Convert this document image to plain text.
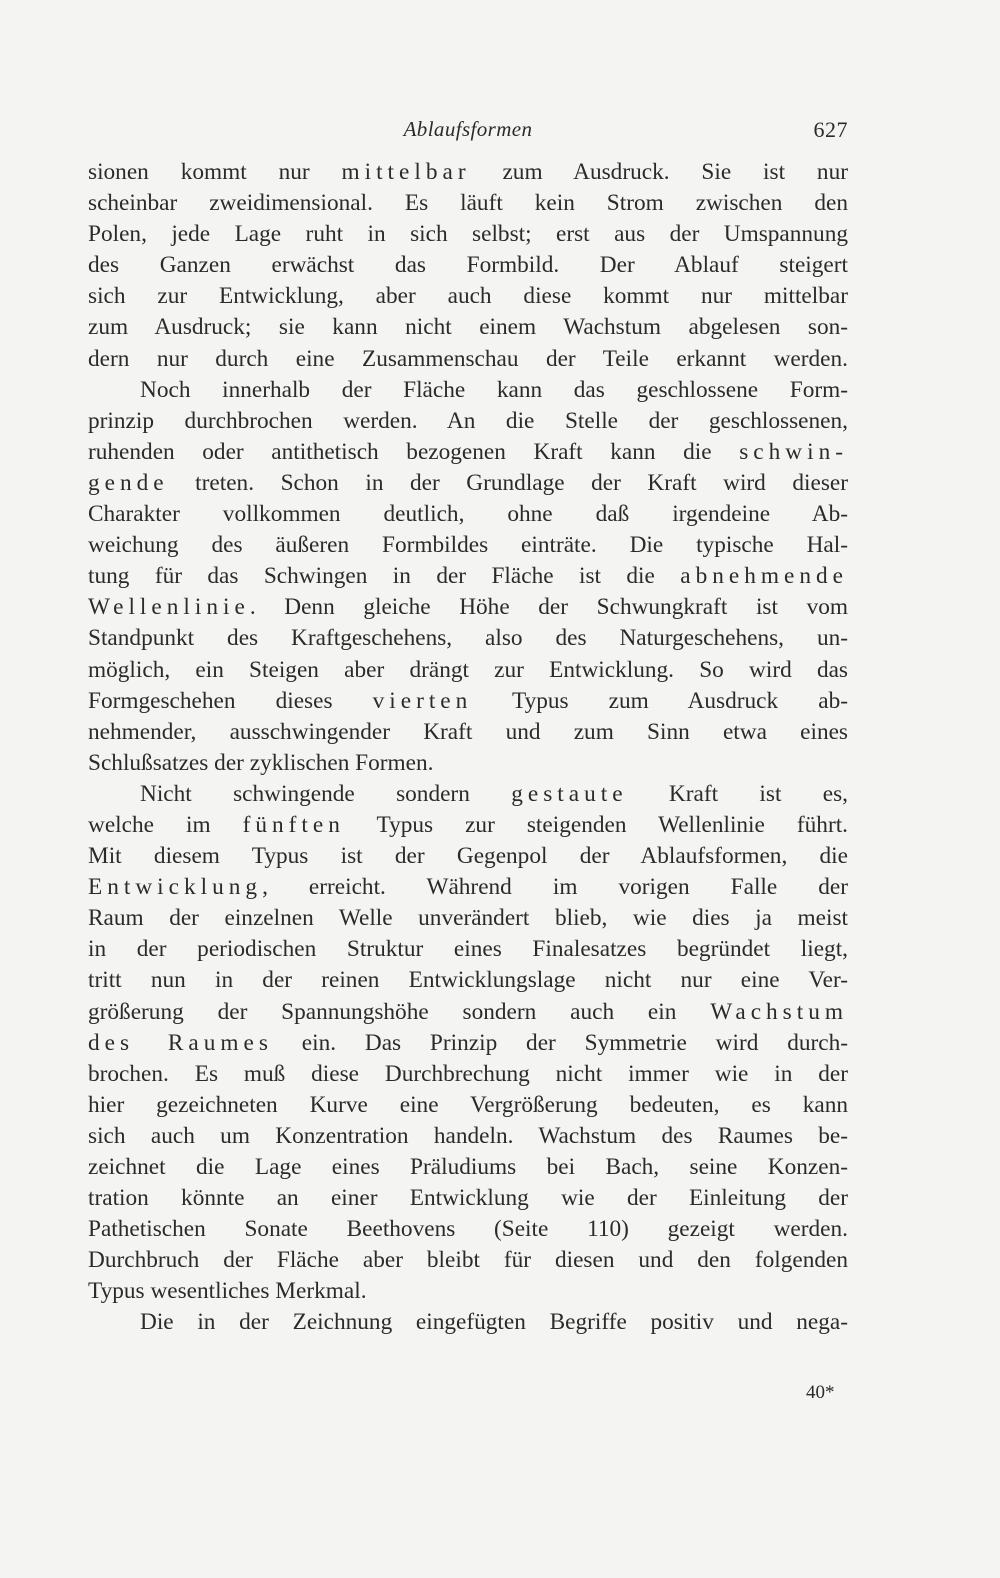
Ablaufsformen	627
sionen kommt nur mittelbar zum Ausdruck. Sie ist nur
scheinbar zweidimensional. Es läuft kein Strom zwischen den
Polen, jede Lage ruht in sich selbst; erst aus der Umspannung
des Ganzen erwächst das Formbild. Der Ablauf steigert
sich zur Entwicklung, aber auch diese kommt nur mittelbar
zum Ausdruck; sie kann nicht einem Wachstum abgelesen son-
dern nur durch eine Zusammenschau der Teile erkannt werden.
Noch innerhalb der Fläche kann das geschlossene Form-
prinzip durchbrochen werden. An die Stelle der geschlossenen,
ruhenden oder antithetisch bezogenen Kraft kann die schwin-
gende treten. Schon in der Grundlage der Kraft wird dieser
Charakter vollkommen deutlich, ohne daß irgendeine Ab-
weichung des äußeren Formbildes einträte. Die typische Hal-
tung für das Schwingen in der Fläche ist die abnehmende
Wellenlinie. Denn gleiche Höhe der Schwungkraft ist vom
Standpunkt des Kraftgeschehens, also des Naturgeschehens, un-
möglich, ein Steigen aber drängt zur Entwicklung. So wird das
Formgeschehen dieses vierten Typus zum Ausdruck ab-
nehmender, ausschwingender Kraft und zum Sinn etwa eines
Schlußsatzes der zyklischen Formen.
Nicht schwingende sondern gestaute Kraft ist es,
welche im fünften Typus zur steigenden Wellenlinie führt.
Mit diesem Typus ist der Gegenpol der Ablaufsformen, die
Entwicklung, erreicht. Während im vorigen Falle der
Raum der einzelnen Welle unverändert blieb, wie dies ja meist
in der periodischen Struktur eines Finalesatzes begründet liegt,
tritt nun in der reinen Entwicklungslage nicht nur eine Ver-
größerung der Spannungshöhe sondern auch ein Wachstum
des Raumes ein. Das Prinzip der Symmetrie wird durch-
brochen. Es muß diese Durchbrechung nicht immer wie in der
hier gezeichneten Kurve eine Vergrößerung bedeuten, es kann
sich auch um Konzentration handeln. Wachstum des Raumes be-
zeichnet die Lage eines Präludiums bei Bach, seine Konzen-
tration könnte an einer Entwicklung wie der Einleitung der
Pathetischen Sonate Beethovens (Seite 110) gezeigt werden.
Durchbruch der Fläche aber bleibt für diesen und den folgenden
Typus wesentliches Merkmal.
Die in der Zeichnung eingefügten Begriffe positiv und nega-
40*
